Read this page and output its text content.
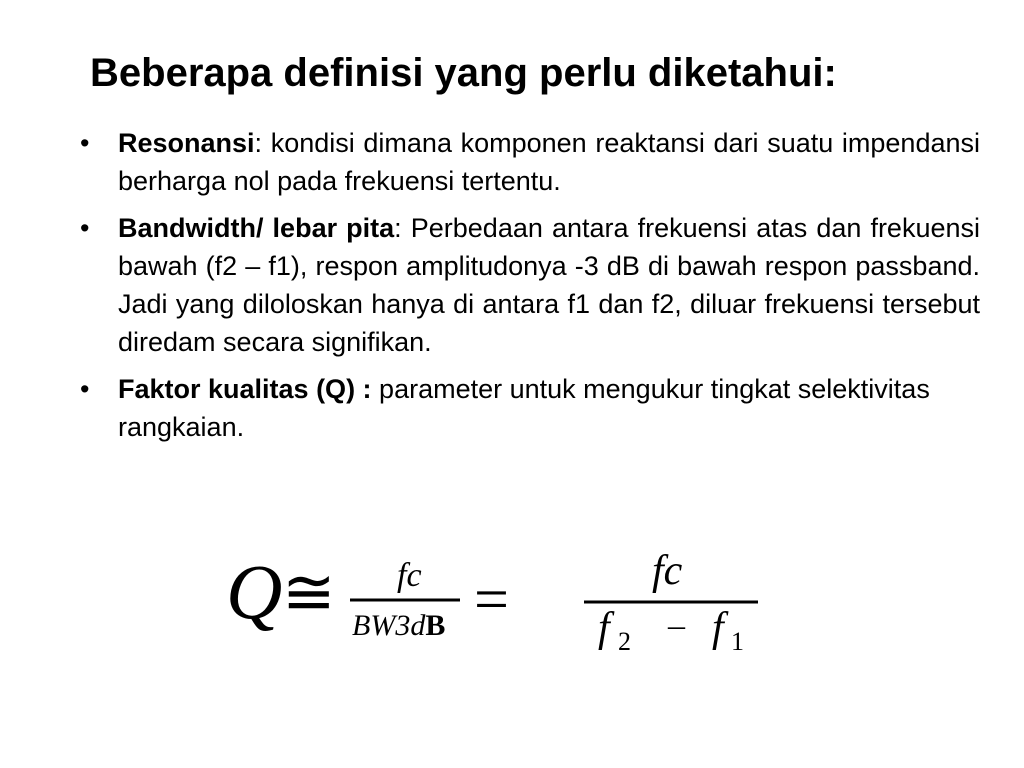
Beberapa definisi yang perlu diketahui:
•	Resonansi: kondisi dimana komponen reaktansi dari suatu impendansi berharga nol pada frekuensi tertentu.
•	Bandwidth/ lebar pita: Perbedaan antara frekuensi atas dan frekuensi bawah (f2 – f1), respon amplitudonya -3 dB di bawah respon passband. Jadi yang diloloskan hanya di antara f1 dan f2, diluar frekuensi tersebut diredam secara signifikan.
•	Faktor kualitas (Q) : parameter untuk mengukur tingkat selektivitas rangkaian.
Q ≅ fc
BW3dB =	fc
f 2 – f 1
